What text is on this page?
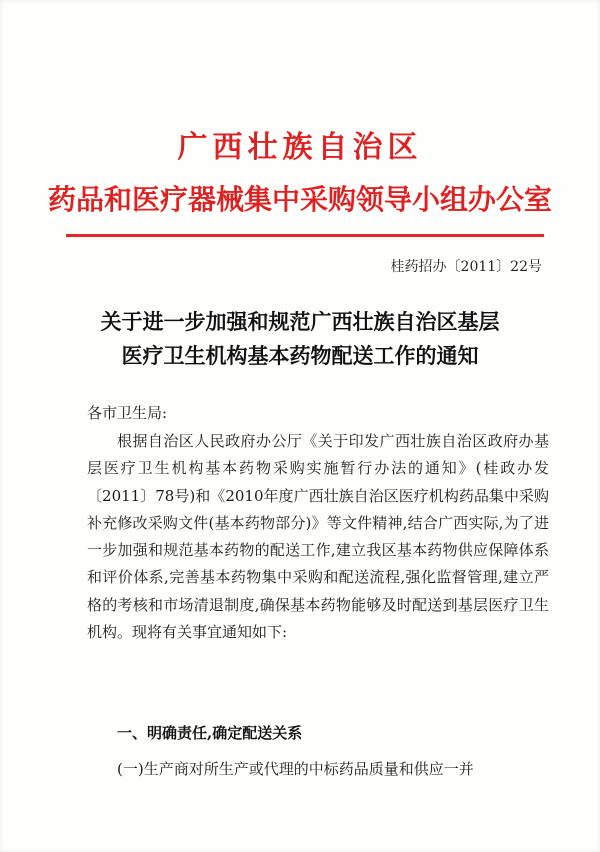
广西壮族自治区
药品和医疗器械集中采购领导小组办公室
桂药招办〔2011〕22号
关于进一步加强和规范广西壮族自治区基层
医疗卫生机构基本药物配送工作的通知
各市卫生局:

根据自治区人民政府办公厅《关于印发广西壮族自治区政府办基层医疗卫生机构基本药物采购实施暂行办法的通知》(桂政办发〔2011〕78号)和《2010年度广西壮族自治区医疗机构药品集中采购补充修改采购文件(基本药物部分)》等文件精神,结合广西实际,为了进一步加强和规范基本药物的配送工作,建立我区基本药物供应保障体系和评价体系,完善基本药物集中采购和配送流程,强化监督管理,建立严格的考核和市场清退制度,确保基本药物能够及时配送到基层医疗卫生机构。现将有关事宜通知如下:

一、明确责任,确定配送关系
(一)生产商对所生产或代理的中标药品质量和供应一并
